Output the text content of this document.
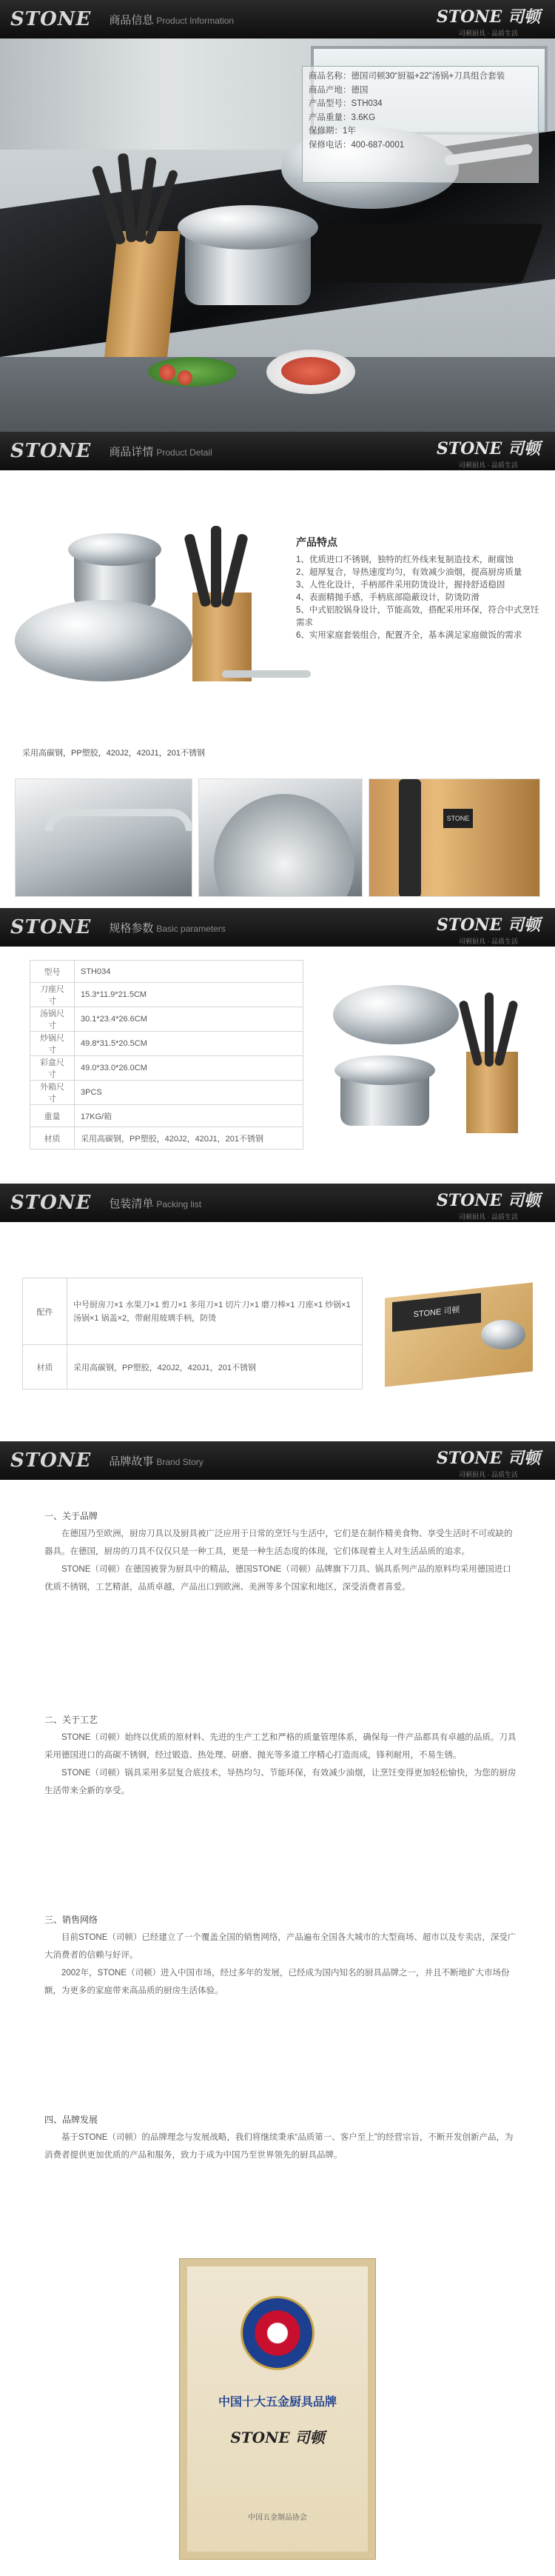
STONE 商品信息 Product Information	STONE 司顿
司顿厨具 · 品质生活
商品名称：德国司顿30“厨福+22”汤锅+刀具组合套装
商品产地：德国
产品型号：STH034
产品重量：3.6KG
保修期：1年
保修电话：400-687-0001
STONE 商品详情 Product Detail	STONE 司顿
司顿厨具 · 品质生活
产品特点
1、优质进口不锈钢，独特的红外线来复制造技术，耐腐蚀
2、超厚复合，导热速度均匀，有效减少油烟，提高厨房质量
3、人性化设计，手柄部件采用防烫设计，握持舒适稳固
4、表面精抛手感，手柄底部隐蔽设计，防烫防滑
5、中式铝胶锅身设计，节能高效，搭配采用环保，符合中式烹饪需求
6、实用家庭套装组合，配置齐全，基本满足家庭做饭的需求
采用高碳钢，PP塑胶，420J2，420J1，201不锈钢
STONE
STONE 规格参数 Basic parameters	STONE 司顿
司顿厨具 · 品质生活
型号	STH034
刀座尺寸	15.3*11.9*21.5CM
汤锅尺寸	30.1*23.4*26.6CM
炒锅尺寸	49.8*31.5*20.5CM
彩盒尺寸	49.0*33.0*26.0CM
外箱尺寸	3PCS
重量	17KG/箱
材质	采用高碳钢，PP塑胶，420J2，420J1，201不锈钢
STONE 包装清单 Packing list	STONE 司顿
司顿厨具 · 品质生活
配件	中号厨房刀×1 水果刀×1 剪刀×1 多用刀×1 切片刀×1 磨刀棒×1 刀座×1 炒锅×1 汤锅×1 锅盖×2，带耐用玻璃手柄，防烫
材质	采用高碳钢，PP塑胶，420J2，420J1，201不锈钢
STONE 司顿
STONE 品牌故事 Brand Story	STONE 司顿
司顿厨具 · 品质生活
一、关于品牌

在德国乃至欧洲，厨房刀具以及厨具被广泛应用于日常的烹饪与生活中，它们是在制作精美食物、享受生活时不可或缺的器具。在德国，厨房的刀具不仅仅只是一种工具，更是一种生活态度的体现，它们体现着主人对生活品质的追求。

STONE（司顿）在德国被誉为厨具中的精品，德国STONE（司顿）品牌旗下刀具、锅具系列产品的原料均采用德国进口优质不锈钢，工艺精湛，品质卓越，产品出口到欧洲、美洲等多个国家和地区，深受消费者喜爱。

二、关于工艺

STONE（司顿）始终以优质的原材料、先进的生产工艺和严格的质量管理体系，确保每一件产品都具有卓越的品质。刀具采用德国进口的高碳不锈钢，经过锻造、热处理、研磨、抛光等多道工序精心打造而成，锋利耐用，不易生锈。

STONE（司顿）锅具采用多层复合底技术，导热均匀、节能环保，有效减少油烟，让烹饪变得更加轻松愉快，为您的厨房生活带来全新的享受。

三、销售网络

目前STONE（司顿）已经建立了一个覆盖全国的销售网络，产品遍布全国各大城市的大型商场、超市以及专卖店，深受广大消费者的信赖与好评。

2002年，STONE（司顿）进入中国市场，经过多年的发展，已经成为国内知名的厨具品牌之一，并且不断地扩大市场份额，为更多的家庭带来高品质的厨房生活体验。

四、品牌发展

基于STONE（司顿）的品牌理念与发展战略，我们将继续秉承“品质第一、客户至上”的经营宗旨，不断开发创新产品，为消费者提供更加优质的产品和服务，致力于成为中国乃至世界领先的厨具品牌。

中国十大五金厨具品牌
STONE 司顿
中国五金制品协会
